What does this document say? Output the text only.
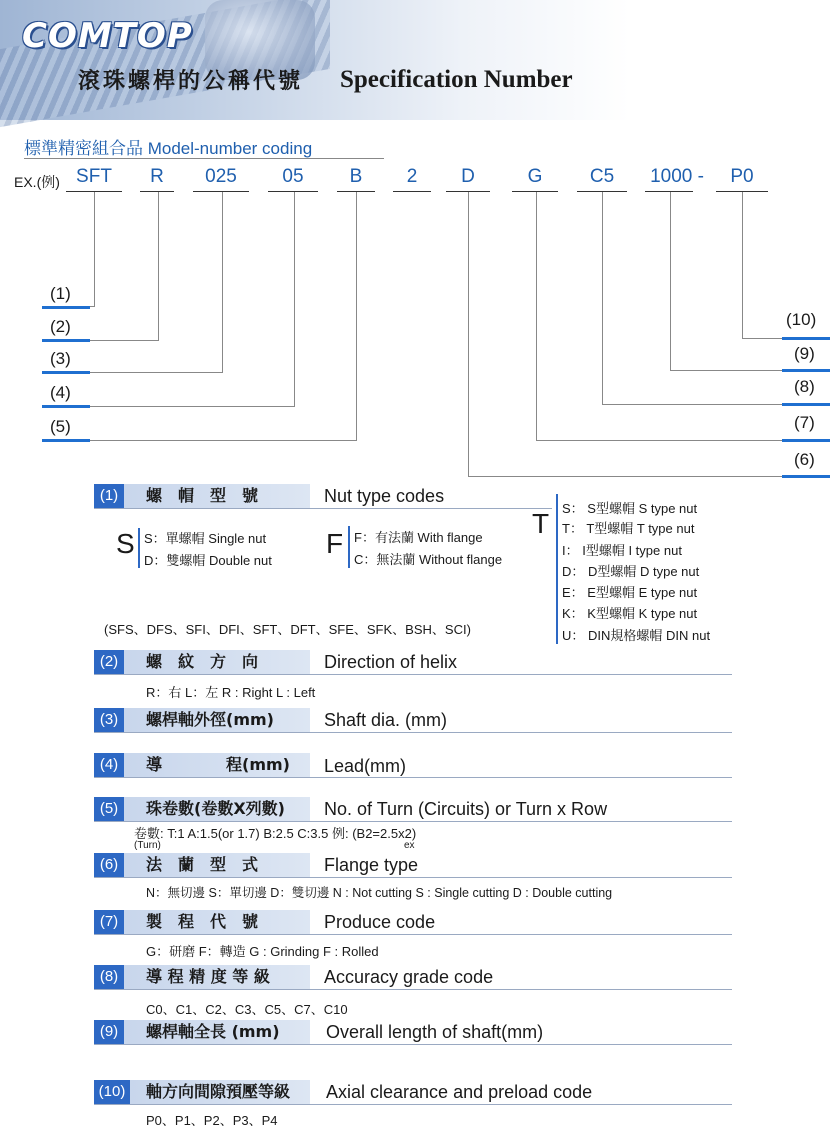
COMTOP
滾珠螺桿的公稱代號 Specification Number
標準精密組合品 Model-number coding
EX.(例) SFT	R	025	05	B	2	D	G	C5	1000 -	P0
(1)
(2)
(3)
(4)
(5)
(10)
(9)
(8)
(7)
(6)
(1)	螺　帽　型　號	Nut type codes
S S：單螺帽 Single nut
D：雙螺帽 Double nut
F F：有法蘭 With flange
C：無法蘭 Without flange
T S： S型螺帽 S type nut
T： T型螺帽 T type nut
I： I型螺帽 I type nut
D： D型螺帽 D type nut
E： E型螺帽 E type nut
K： K型螺帽 K type nut
U： DIN規格螺帽 DIN nut
(SFS、DFS、SFI、DFI、SFT、DFT、SFE、SFK、BSH、SCI)
(2)	螺　紋　方　向	Direction of helix
R：右 L：左 R : Right L : Left
(3)	螺桿軸外徑(mm)	Shaft dia. (mm)
(4)	導　　　　程(mm) Lead(mm)
(5)	珠卷數(卷數X列數) No. of Turn (Circuits) or Turn x Row
卷數: T:1 A:1.5(or 1.7) B:2.5 C:3.5 例: (B2=2.5x2)
(Turn)	ex
(6)	法　蘭　型　式	Flange type
N：無切邊 S：單切邊 D：雙切邊 N : Not cutting S : Single cutting D : Double cutting
(7)	製　程　代　號	Produce code
G：研磨 F：轉造 G : Grinding F : Rolled
(8)	導 程 精 度 等 級	Accuracy grade code
C0、C1、C2、C3、C5、C7、C10
(9)	螺桿軸全長 (mm)	Overall length of shaft(mm)
(10) 軸方向間隙預壓等級 Axial clearance and preload code
P0、P1、P2、P3、P4
